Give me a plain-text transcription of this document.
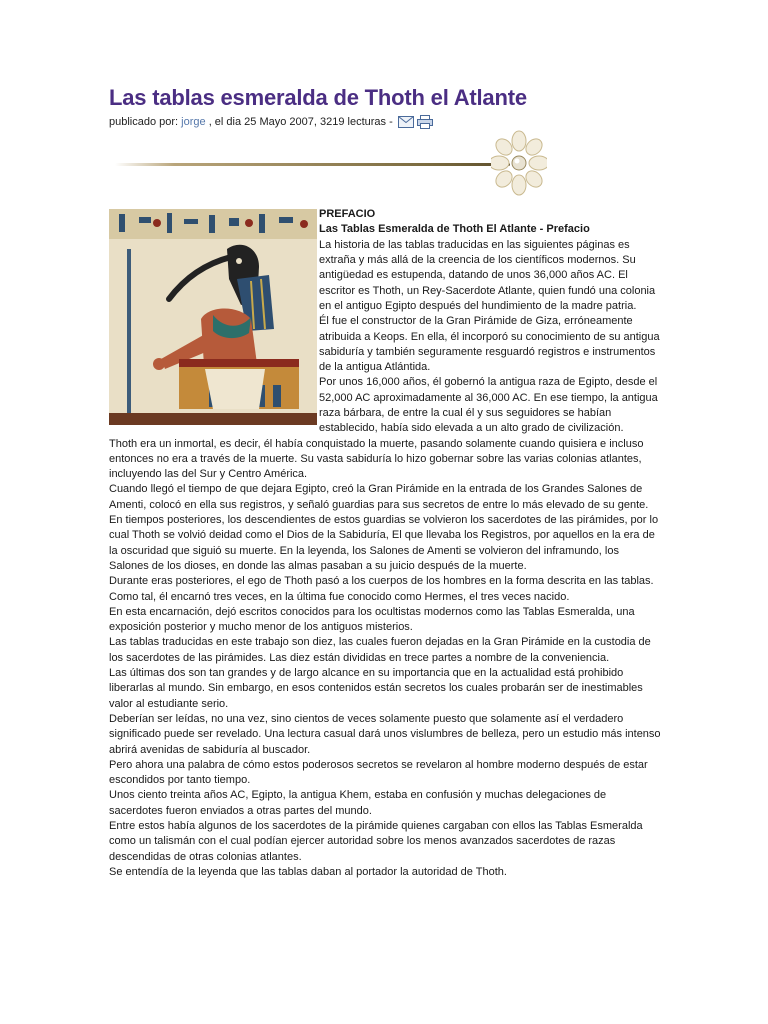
Las tablas esmeralda de Thoth el Atlante
publicado por: jorge , el dia 25 Mayo 2007, 3219 lecturas -

PREFACIO

Las Tablas Esmeralda de Thoth El Atlante - Prefacio

La historia de las tablas traducidas en las siguientes páginas es extraña y más allá de la creencia de los científicos modernos. Su antigüedad es estupenda, datando de unos 36,000 años AC. El escritor es Thoth, un Rey-Sacerdote Atlante, quien fundó una colonia en el antiguo Egipto después del hundimiento de la madre patria.

Él fue el constructor de la Gran Pirámide de Giza, erróneamente atribuida a Keops. En ella, él incorporó su conocimiento de su antigua sabiduría y también seguramente resguardó registros e instrumentos de la antigua Atlántida.

Por unos 16,000 años, él gobernó la antigua raza de Egipto, desde el 52,000 AC aproximadamente al 36,000 AC. En ese tiempo, la antigua raza bárbara, de entre la cual él y sus seguidores se habían establecido, había sido elevada a un alto grado de civilización.

Thoth era un inmortal, es decir, él había conquistado la muerte, pasando solamente cuando quisiera e incluso entonces no era a través de la muerte. Su vasta sabiduría lo hizo gobernar sobre las varias colonias atlantes, incluyendo las del Sur y Centro América.

Cuando llegó el tiempo de que dejara Egipto, creó la Gran Pirámide en la entrada de los Grandes Salones de Amenti, colocó en ella sus registros, y señaló guardias para sus secretos de entre lo más elevado de su gente.

En tiempos posteriores, los descendientes de estos guardias se volvieron los sacerdotes de las pirámides, por lo cual Thoth se volvió deidad como el Dios de la Sabiduría, El que llevaba los Registros, por aquellos en la era de la oscuridad que siguió su muerte. En la leyenda, los Salones de Amenti se volvieron del inframundo, los Salones de los dioses, en donde las almas pasaban a su juicio después de la muerte.

Durante eras posteriores, el ego de Thoth pasó a los cuerpos de los hombres en la forma descrita en las tablas. Como tal, él encarnó tres veces, en la última fue conocido como Hermes, el tres veces nacido.

En esta encarnación, dejó escritos conocidos para los ocultistas modernos como las Tablas Esmeralda, una exposición posterior y mucho menor de los antiguos misterios.

Las tablas traducidas en este trabajo son diez, las cuales fueron dejadas en la Gran Pirámide en la custodia de los sacerdotes de las pirámides. Las diez están divididas en trece partes a nombre de la conveniencia.

Las últimas dos son tan grandes y de largo alcance en su importancia que en la actualidad está prohibido liberarlas al mundo. Sin embargo, en esos contenidos están secretos los cuales probarán ser de inestimables valor al estudiante serio.

Deberían ser leídas, no una vez, sino cientos de veces solamente puesto que solamente así el verdadero significado puede ser revelado. Una lectura casual dará unos vislumbres de belleza, pero un estudio más intenso abrirá avenidas de sabiduría al buscador.

Pero ahora una palabra de cómo estos poderosos secretos se revelaron al hombre moderno después de estar escondidos por tanto tiempo.

Unos ciento treinta años AC, Egipto, la antigua Khem, estaba en confusión y muchas delegaciones de sacerdotes fueron enviados a otras partes del mundo.

Entre estos había algunos de los sacerdotes de la pirámide quienes cargaban con ellos las Tablas Esmeralda como un talismán con el cual podían ejercer autoridad sobre los menos avanzados sacerdotes de razas descendidas de otras colonias atlantes.

Se entendía de la leyenda que las tablas daban al portador la autoridad de Thoth.
